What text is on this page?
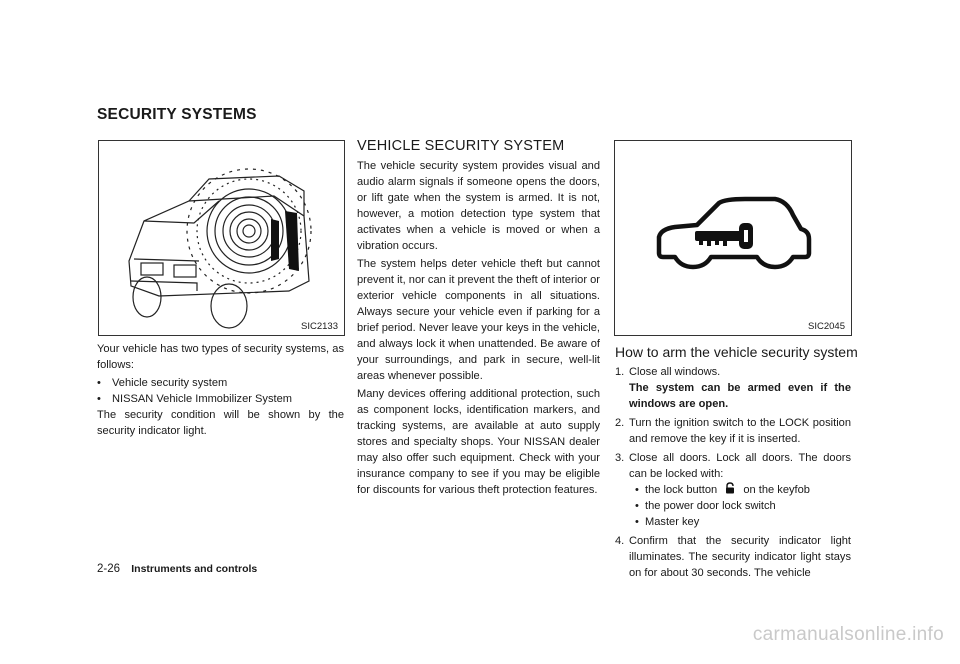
SECURITY SYSTEMS
SIC2133

Your vehicle has two types of security systems, as follows:

•	Vehicle security system
•	NISSAN Vehicle Immobilizer System

The security condition will be shown by the security indicator light.

VEHICLE SECURITY SYSTEM

The vehicle security system provides visual and audio alarm signals if someone opens the doors, or lift gate when the system is armed. It is not, however, a motion detection type system that activates when a vehicle is moved or when a vibration occurs.

The system helps deter vehicle theft but cannot prevent it, nor can it prevent the theft of interior or exterior vehicle components in all situations. Always secure your vehicle even if parking for a brief period. Never leave your keys in the vehicle, and always lock it when unattended. Be aware of your surroundings, and park in secure, well-lit areas whenever possible.

Many devices offering additional protection, such as component locks, identification markers, and tracking systems, are available at auto supply stores and specialty shops. Your NISSAN dealer may also offer such equipment. Check with your insurance company to see if you may be eligible for discounts for various theft protection features.

SIC2045
How to arm the vehicle security system
1. Close all windows.
The system can be armed even if the windows are open.
2. Turn the ignition switch to the LOCK position and remove the key if it is inserted.
3. Close all doors. Lock all doors. The doors can be locked with:
• the lock button on the keyfob
• the power door lock switch
• Master key
4. Confirm that the security indicator light illuminates. The security indicator light stays on for about 30 seconds. The vehicle
2-26 Instruments and controls
carmanualsonline.info
